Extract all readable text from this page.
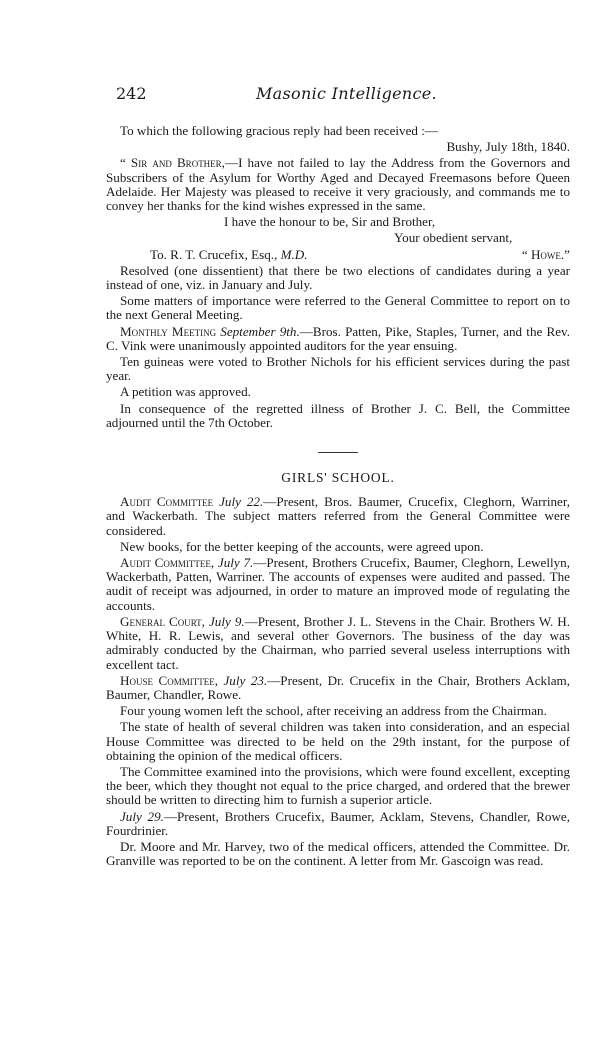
242	Masonic Intelligence.

To which the following gracious reply had been received :—

Bushy, July 18th, 1840.

“ Sir and Brother,—I have not failed to lay the Address from the Governors and Subscribers of the Asylum for Worthy Aged and Decayed Freemasons before Queen Adelaide. Her Majesty was pleased to receive it very graciously, and commands me to convey her thanks for the kind wishes expressed in the same.

I have the honour to be, Sir and Brother,

Your obedient servant,

To. R. T. Crucefix, Esq., M.D.	“ Howe.”

Resolved (one dissentient) that there be two elections of candidates during a year instead of one, viz. in January and July.

Some matters of importance were referred to the General Committee to report on to the next General Meeting.

Monthly Meeting September 9th.—Bros. Patten, Pike, Staples, Turner, and the Rev. C. Vink were unanimously appointed auditors for the year ensuing.

Ten guineas were voted to Brother Nichols for his efficient services during the past year.

A petition was approved.

In consequence of the regretted illness of Brother J. C. Bell, the Committee adjourned until the 7th October.

GIRLS' SCHOOL.

Audit Committee July 22.—Present, Bros. Baumer, Crucefix, Cleghorn, Warriner, and Wackerbath. The subject matters referred from the General Committee were considered.

New books, for the better keeping of the accounts, were agreed upon.

Audit Committee, July 7.—Present, Brothers Crucefix, Baumer, Cleghorn, Lewellyn, Wackerbath, Patten, Warriner. The accounts of expenses were audited and passed. The audit of receipt was adjourned, in order to mature an improved mode of regulating the accounts.

General Court, July 9.—Present, Brother J. L. Stevens in the Chair. Brothers W. H. White, H. R. Lewis, and several other Governors. The business of the day was admirably conducted by the Chairman, who parried several useless interruptions with excellent tact.

House Committee, July 23.—Present, Dr. Crucefix in the Chair, Brothers Acklam, Baumer, Chandler, Rowe.

Four young women left the school, after receiving an address from the Chairman.

The state of health of several children was taken into consideration, and an especial House Committee was directed to be held on the 29th instant, for the purpose of obtaining the opinion of the medical officers.

The Committee examined into the provisions, which were found excellent, excepting the beer, which they thought not equal to the price charged, and ordered that the brewer should be written to directing him to furnish a superior article.

July 29.—Present, Brothers Crucefix, Baumer, Acklam, Stevens, Chandler, Rowe, Fourdrinier.

Dr. Moore and Mr. Harvey, two of the medical officers, attended the Committee. Dr. Granville was reported to be on the continent. A letter from Mr. Gascoign was read.
